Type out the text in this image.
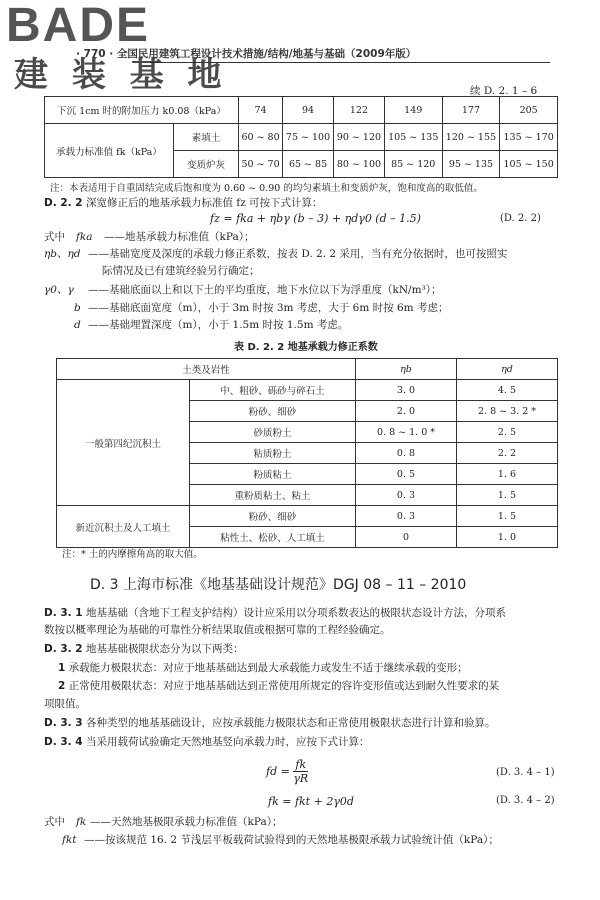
BADE
建 装 基 地
· 770 · 全国民用建筑工程设计技术措施/结构/地基与基础（2009年版）
续 D. 2. 1 – 6
下沉 1cm 时的附加压力 k0.08（kPa）		74	94	122	149	177	205
承载力标准值 fk（kPa）	素填土	60 ~ 80	75 ~ 100	90 ~ 120	105 ~ 135	120 ~ 155	135 ~ 170
	变质炉灰	50 ~ 70	65 ~ 85	80 ~ 100	85 ~ 120	95 ~ 135	105 ~ 150
注：本表适用于自重固结完成后饱和度为 0.60 ~ 0.90 的均匀素填土和变质炉灰，饱和度高的取低值。
D. 2. 2 深宽修正后的地基承载力标准值 fz 可按下式计算：
fz = fka + ηbγ (b – 3) + ηdγ0 (d – 1.5)	(D. 2. 2)
式中 fka ——地基承载力标准值（kPa）；
ηb、ηd ——基础宽度及深度的承载力修正系数，按表 D. 2. 2 采用，当有充分依据时，也可按照实
际情况及已有建筑经验另行确定；
γ0、γ ——基础底面以上和以下土的平均重度，地下水位以下为浮重度（kN/m³）；
b ——基础底面宽度（m），小于 3m 时按 3m 考虑，大于 6m 时按 6m 考虑；
d ——基础埋置深度（m），小于 1.5m 时按 1.5m 考虑。
表 D. 2. 2 地基承载力修正系数
土类及岩性		ηb	ηd
一般第四纪沉积土	中、粗砂、砾砂与碎石土	3. 0	4. 5
	粉砂、细砂	2. 0	2. 8 ~ 3. 2 *
	砂质粉土	0. 8 ~ 1. 0 *	2. 5
	粘质粉土	0. 8	2. 2
	粉质粘土	0. 5	1. 6
	重粉质粘土、粘土	0. 3	1. 5
新近沉积土及人工填土	粉砂、细砂	0. 3	1. 5
	粘性土、松砂、人工填土	0	1. 0
注：* 土的内摩擦角高的取大值。
D. 3 上海市标准《地基基础设计规范》DGJ 08 – 11 – 2010
D. 3. 1 地基基础（含地下工程支护结构）设计应采用以分项系数表达的极限状态设计方法，分项系
数按以概率理论为基础的可靠性分析结果取值或根据可靠的工程经验确定。
D. 3. 2 地基基础极限状态分为以下两类：
1 承载能力极限状态：对应于地基基础达到最大承载能力或发生不适于继续承载的变形；
2 正常使用极限状态：对应于地基基础达到正常使用所规定的容许变形值或达到耐久性要求的某
项限值。
D. 3. 3 各种类型的地基基础设计，应按承载能力极限状态和正常使用极限状态进行计算和验算。
D. 3. 4 当采用载荷试验确定天然地基竖向承载力时，应按下式计算：
fd = $\frac{fk}{\gamma R}$	(D. 3. 4 – 1)
fk = fkt + 2γ0d	(D. 3. 4 – 2)
式中 fk ——天然地基极限承载力标准值（kPa）；
fkt ——按该规范 16. 2 节浅层平板载荷试验得到的天然地基极限承载力试验统计值（kPa）；
